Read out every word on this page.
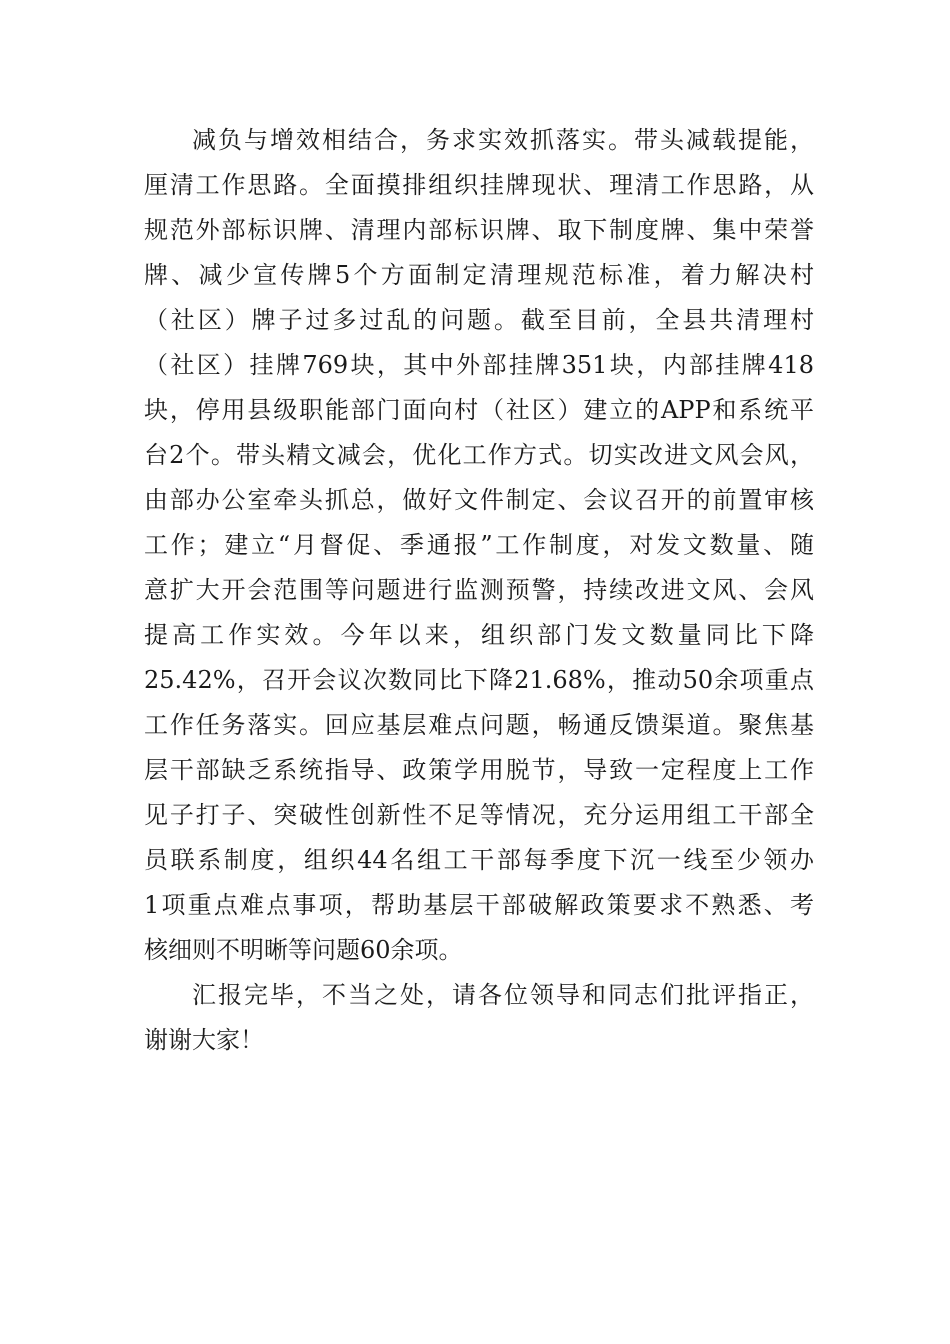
减负与增效相结合，务求实效抓落实。带头减载提能，
厘清工作思路。全面摸排组织挂牌现状、理清工作思路，从
规范外部标识牌、清理内部标识牌、取下制度牌、集中荣誉
牌、减少宣传牌5个方面制定清理规范标准，着力解决村
（社区）牌子过多过乱的问题。截至目前，全县共清理村
（社区）挂牌769块，其中外部挂牌351块，内部挂牌418
块，停用县级职能部门面向村（社区）建立的APP和系统平
台2个。带头精文减会，优化工作方式。切实改进文风会风，
由部办公室牵头抓总，做好文件制定、会议召开的前置审核
工作；建立“月督促、季通报”工作制度，对发文数量、随
意扩大开会范围等问题进行监测预警，持续改进文风、会风
提高工作实效。今年以来，组织部门发文数量同比下降
25.42%，召开会议次数同比下降21.68%，推动50余项重点
工作任务落实。回应基层难点问题，畅通反馈渠道。聚焦基
层干部缺乏系统指导、政策学用脱节，导致一定程度上工作
见子打子、突破性创新性不足等情况，充分运用组工干部全
员联系制度，组织44名组工干部每季度下沉一线至少领办
1项重点难点事项，帮助基层干部破解政策要求不熟悉、考
核细则不明晰等问题60余项。
汇报完毕，不当之处，请各位领导和同志们批评指正，
谢谢大家！
